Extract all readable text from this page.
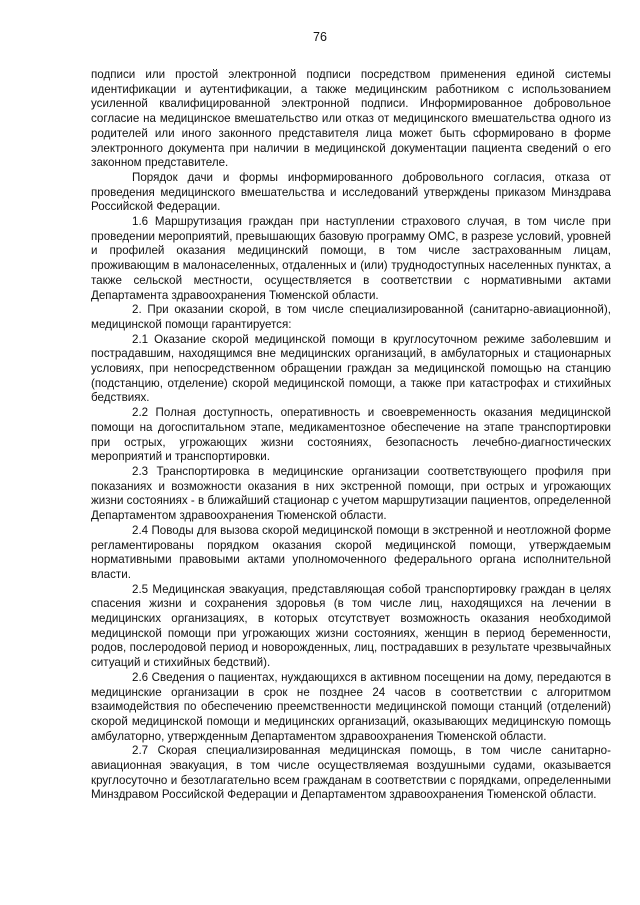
76

подписи или простой электронной подписи посредством применения единой системы идентификации и аутентификации, а также медицинским работником с использованием усиленной квалифицированной электронной подписи. Информированное добровольное согласие на медицинское вмешательство или отказ от медицинского вмешательства одного из родителей или иного законного представителя лица может быть сформировано в форме электронного документа при наличии в медицинской документации пациента сведений о его законном представителе.

Порядок дачи и формы информированного добровольного согласия, отказа от проведения медицинского вмешательства и исследований утверждены приказом Минздрава Российской Федерации.

1.6 Маршрутизация граждан при наступлении страхового случая, в том числе при проведении мероприятий, превышающих базовую программу ОМС, в разрезе условий, уровней и профилей оказания медицинский помощи, в том числе застрахованным лицам, проживающим в малонаселенных, отдаленных и (или) труднодоступных населенных пунктах, а также сельской местности, осуществляется в соответствии с нормативными актами Департамента здравоохранения Тюменской области.

2. При оказании скорой, в том числе специализированной (санитарно-авиационной), медицинской помощи гарантируется:

2.1 Оказание скорой медицинской помощи в круглосуточном режиме заболевшим и пострадавшим, находящимся вне медицинских организаций, в амбулаторных и стационарных условиях, при непосредственном обращении граждан за медицинской помощью на станцию (подстанцию, отделение) скорой медицинской помощи, а также при катастрофах и стихийных бедствиях.

2.2 Полная доступность, оперативность и своевременность оказания медицинской помощи на догоспитальном этапе, медикаментозное обеспечение на этапе транспортировки при острых, угрожающих жизни состояниях, безопасность лечебно-диагностических мероприятий и транспортировки.

2.3 Транспортировка в медицинские организации соответствующего профиля при показаниях и возможности оказания в них экстренной помощи, при острых и угрожающих жизни состояниях - в ближайший стационар с учетом маршрутизации пациентов, определенной Департаментом здравоохранения Тюменской области.

2.4 Поводы для вызова скорой медицинской помощи в экстренной и неотложной форме регламентированы порядком оказания скорой медицинской помощи, утверждаемым нормативными правовыми актами уполномоченного федерального органа исполнительной власти.

2.5 Медицинская эвакуация, представляющая собой транспортировку граждан в целях спасения жизни и сохранения здоровья (в том числе лиц, находящихся на лечении в медицинских организациях, в которых отсутствует возможность оказания необходимой медицинской помощи при угрожающих жизни состояниях, женщин в период беременности, родов, послеродовой период и новорожденных, лиц, пострадавших в результате чрезвычайных ситуаций и стихийных бедствий).

2.6 Сведения о пациентах, нуждающихся в активном посещении на дому, передаются в медицинские организации в срок не позднее 24 часов в соответствии с алгоритмом взаимодействия по обеспечению преемственности медицинской помощи станций (отделений) скорой медицинской помощи и медицинских организаций, оказывающих медицинскую помощь амбулаторно, утвержденным Департаментом здравоохранения Тюменской области.

2.7 Скорая специализированная медицинская помощь, в том числе санитарно-авиационная эвакуация, в том числе осуществляемая воздушными судами, оказывается круглосуточно и безотлагательно всем гражданам в соответствии с порядками, определенными Минздравом Российской Федерации и Департаментом здравоохранения Тюменской области.
